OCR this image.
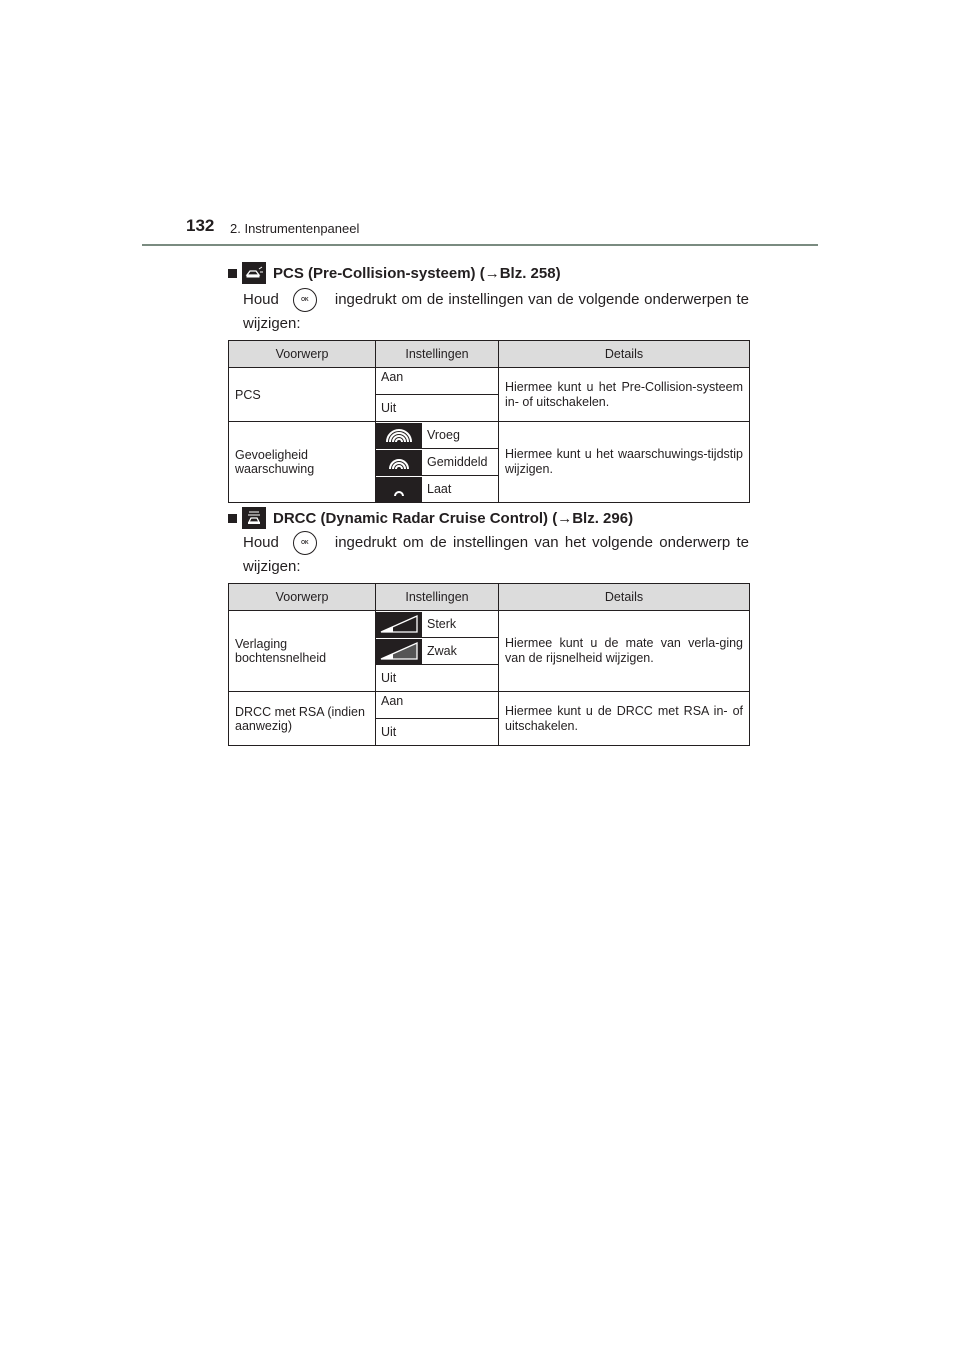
132 2. Instrumentenpaneel
PCS (Pre-Collision-systeem) ( → Blz. 258)
Houd	OK ingedrukt om de instellingen van de volgende onderwerpen te wijzigen:
Voorwerp	Instellingen	Details
PCS	Aan	Hiermee kunt u het Pre-Collision-systeem in- of uitschakelen.

	Uit	

Gevoeligheid waarschuwing	Vroeg	Hiermee kunt u het waarschuwings-tijdstip wijzigen.

	Gemiddeld	

	Laat	
DRCC (Dynamic Radar Cruise Control) ( → Blz. 296)
Houd	OK ingedrukt om de instellingen van het volgende onderwerp te wijzigen:
Voorwerp	Instellingen	Details
Verlaging bochtensnelheid	Sterk	Hiermee kunt u de mate van verla-ging van de rijsnelheid wijzigen.

	Zwak	

	Uit	

DRCC met RSA (indien aanwezig)	Aan	Hiermee kunt u de DRCC met RSA in- of uitschakelen.

	Uit	
